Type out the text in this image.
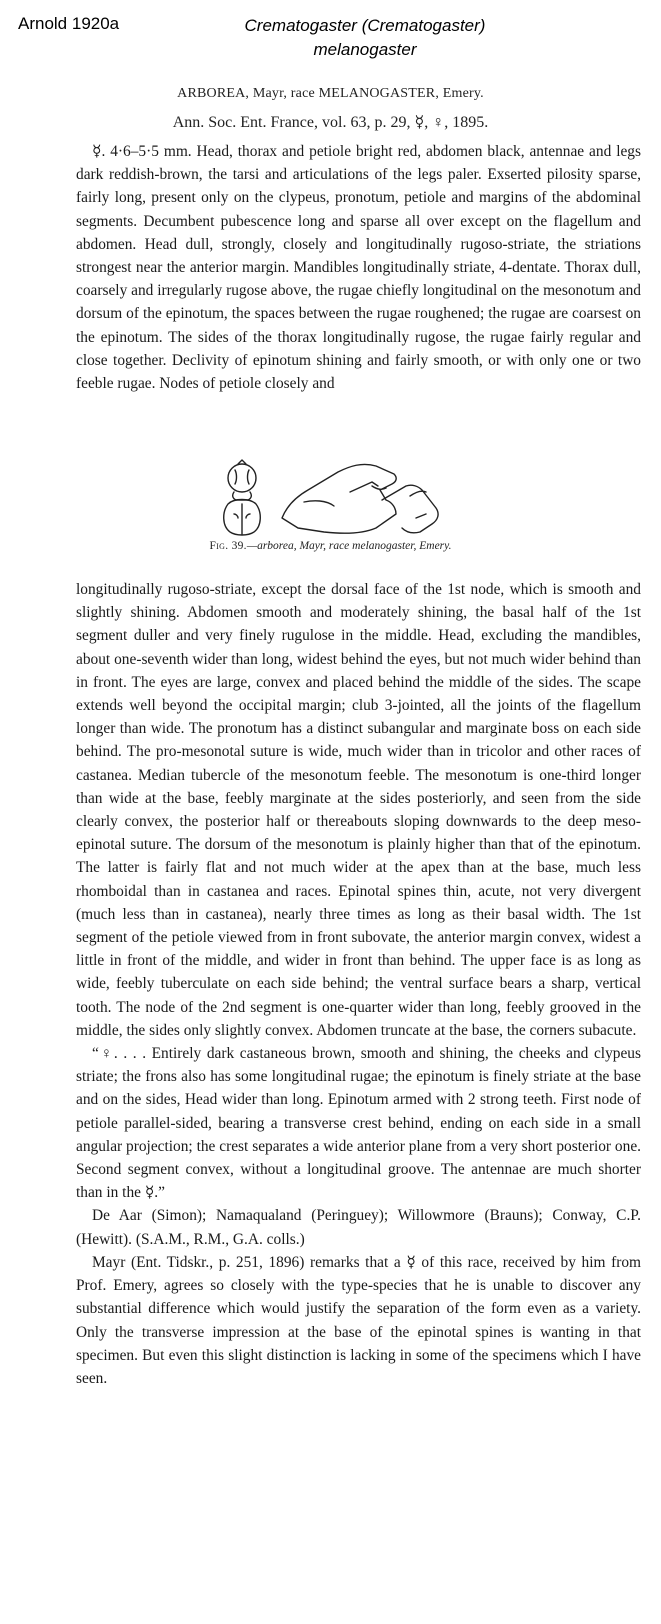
Arnold 1920a	Crematogaster (Crematogaster)
melanogaster
ARBOREA, Mayr, race MELANOGASTER, Emery.
Ann. Soc. Ent. France, vol. 63, p. 29, ☿, ♀, 1895.

☿. 4·6–5·5 mm. Head, thorax and petiole bright red, abdomen black, antennae and legs dark reddish-brown, the tarsi and articulations of the legs paler. Exserted pilosity sparse, fairly long, present only on the clypeus, pronotum, petiole and margins of the abdominal segments. Decumbent pubescence long and sparse all over except on the flagellum and abdomen. Head dull, strongly, closely and longitudinally rugoso-striate, the striations strongest near the anterior margin. Mandibles longitudinally striate, 4-dentate. Thorax dull, coarsely and irregularly rugose above, the rugae chiefly longitudinal on the mesonotum and dorsum of the epinotum, the spaces between the rugae roughened; the rugae are coarsest on the epinotum. The sides of the thorax longitudinally rugose, the rugae fairly regular and close together. Declivity of epinotum shining and fairly smooth, or with only one or two feeble rugae. Nodes of petiole closely and

Fig. 39.—arborea, Mayr, race melanogaster, Emery.

longitudinally rugoso-striate, except the dorsal face of the 1st node, which is smooth and slightly shining. Abdomen smooth and moderately shining, the basal half of the 1st segment duller and very finely rugulose in the middle. Head, excluding the mandibles, about one-seventh wider than long, widest behind the eyes, but not much wider behind than in front. The eyes are large, convex and placed behind the middle of the sides. The scape extends well beyond the occipital margin; club 3-jointed, all the joints of the flagellum longer than wide. The pronotum has a distinct subangular and marginate boss on each side behind. The pro-mesonotal suture is wide, much wider than in tricolor and other races of castanea. Median tubercle of the mesonotum feeble. The mesonotum is one-third longer than wide at the base, feebly marginate at the sides posteriorly, and seen from the side clearly convex, the posterior half or thereabouts sloping downwards to the deep meso-epinotal suture. The dorsum of the mesonotum is plainly higher than that of the epinotum. The latter is fairly flat and not much wider at the apex than at the base, much less rhomboidal than in castanea and races. Epinotal spines thin, acute, not very divergent (much less than in castanea), nearly three times as long as their basal width. The 1st segment of the petiole viewed from in front subovate, the anterior margin convex, widest a little in front of the middle, and wider in front than behind. The upper face is as long as wide, feebly tuberculate on each side behind; the ventral surface bears a sharp, vertical tooth. The node of the 2nd segment is one-quarter wider than long, feebly grooved in the middle, the sides only slightly convex. Abdomen truncate at the base, the corners subacute.

“♀. . . . Entirely dark castaneous brown, smooth and shining, the cheeks and clypeus striate; the frons also has some longitudinal rugae; the epinotum is finely striate at the base and on the sides, Head wider than long. Epinotum armed with 2 strong teeth. First node of petiole parallel-sided, bearing a transverse crest behind, ending on each side in a small angular projection; the crest separates a wide anterior plane from a very short posterior one. Second segment convex, without a longitudinal groove. The antennae are much shorter than in the ☿.”

De Aar (Simon); Namaqualand (Peringuey); Willowmore (Brauns); Conway, C.P. (Hewitt). (S.A.M., R.M., G.A. colls.)

Mayr (Ent. Tidskr., p. 251, 1896) remarks that a ☿ of this race, received by him from Prof. Emery, agrees so closely with the type-species that he is unable to discover any substantial difference which would justify the separation of the form even as a variety. Only the transverse impression at the base of the epinotal spines is wanting in that specimen. But even this slight distinction is lacking in some of the specimens which I have seen.
